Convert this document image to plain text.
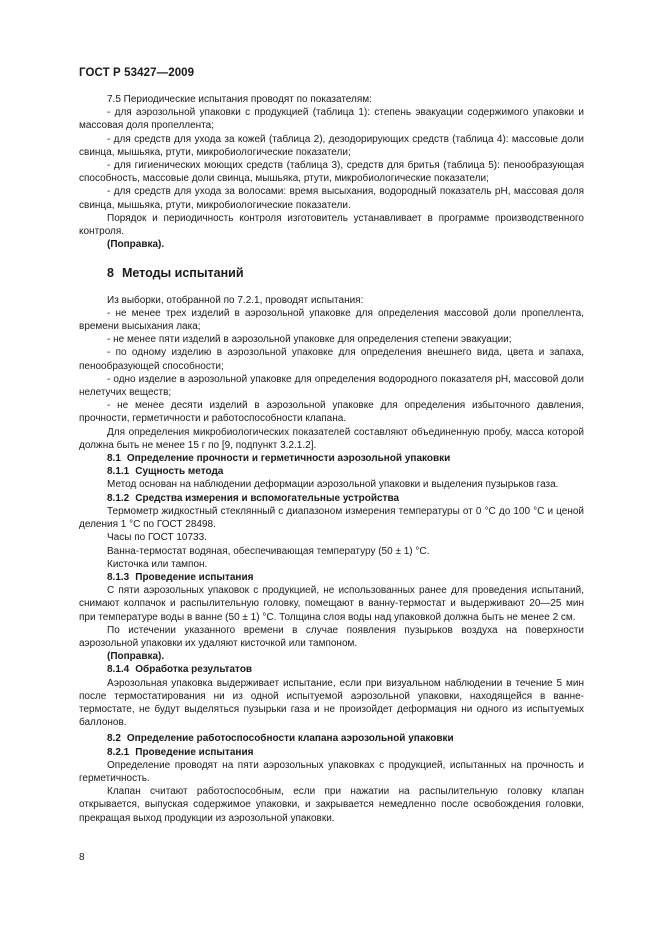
ГОСТ Р 53427—2009

7.5 Периодические испытания проводят по показателям:

- для аэрозольной упаковки с продукцией (таблица 1): степень эвакуации содержимого упаковки и массовая доля пропеллента;

- для средств для ухода за кожей (таблица 2), дезодорирующих средств (таблица 4): массовые доли свинца, мышьяка, ртути, микробиологические показатели;

- для гигиенических моющих средств (таблица 3), средств для бритья (таблица 5): пенообразующая способность, массовые доли свинца, мышьяка, ртути, микробиологические показатели;

- для средств для ухода за волосами: время высыхания, водородный показатель рН, массовая доля свинца, мышьяка, ртути, микробиологические показатели.

Порядок и периодичность контроля изготовитель устанавливает в программе производственного контроля.

(Поправка).

8 Методы испытаний

Из выборки, отобранной по 7.2.1, проводят испытания:

- не менее трех изделий в аэрозольной упаковке для определения массовой доли пропеллента, времени высыхания лака;

- не менее пяти изделий в аэрозольной упаковке для определения степени эвакуации;

- по одному изделию в аэрозольной упаковке для определения внешнего вида, цвета и запаха, пенообразующей способности;

- одно изделие в аэрозольной упаковке для определения водородного показателя рН, массовой доли нелетучих веществ;

- не менее десяти изделий в аэрозольной упаковке для определения избыточного давления, прочности, герметичности и работоспособности клапана.

Для определения микробиологических показателей составляют объединенную пробу, масса которой должна быть не менее 15 г по [9, подпункт 3.2.1.2].

8.1 Определение прочности и герметичности аэрозольной упаковки
8.1.1 Сущность метода

Метод основан на наблюдении деформации аэрозольной упаковки и выделения пузырьков газа.

8.1.2 Средства измерения и вспомогательные устройства

Термометр жидкостный стеклянный с диапазоном измерения температуры от 0 °С до 100 °С и ценой деления 1 °С по ГОСТ 28498.

Часы по ГОСТ 10733.

Ванна-термостат водяная, обеспечивающая температуру (50 ± 1) °С.

Кисточка или тампон.

8.1.3 Проведение испытания

С пяти аэрозольных упаковок с продукцией, не использованных ранее для проведения испытаний, снимают колпачок и распылительную головку, помещают в ванну-термостат и выдерживают 20—25 мин при температуре воды в ванне (50 ± 1) °С. Толщина слоя воды над упаковкой должна быть не менее 2 см.

По истечении указанного времени в случае появления пузырьков воздуха на поверхности аэрозольной упаковки их удаляют кисточкой или тампоном.

(Поправка).

8.1.4 Обработка результатов

Аэрозольная упаковка выдерживает испытание, если при визуальном наблюдении в течение 5 мин после термостатирования ни из одной испытуемой аэрозольной упаковки, находящейся в ванне-термостате, не будут выделяться пузырьки газа и не произойдет деформация ни одного из испытуемых баллонов.

8.2 Определение работоспособности клапана аэрозольной упаковки
8.2.1 Проведение испытания

Определение проводят на пяти аэрозольных упаковках с продукцией, испытанных на прочность и герметичность.

Клапан считают работоспособным, если при нажатии на распылительную головку клапан открывается, выпуская содержимое упаковки, и закрывается немедленно после освобождения головки, прекращая выход продукции из аэрозольной упаковки.

8
